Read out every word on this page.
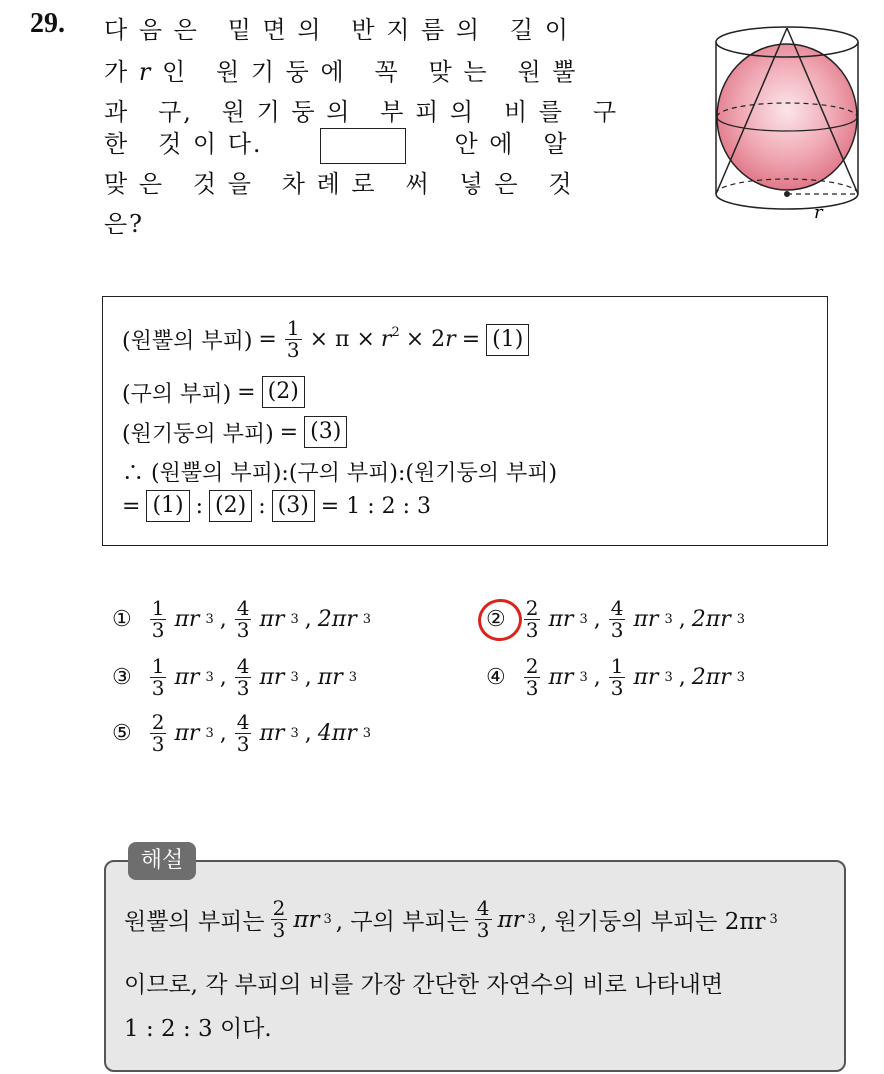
29. 다 음 은   밑 면 의   반 지 름 의   길 이
가 r 인   원 기 둥 에   꼭   맞 는   원 뿔
과   구,   원 기 둥 의   부 피 의   비 를   구
한   것 이 다.	안 에   알
맞 은   것 을   차 례 로   써   넣 은   것
은?	r
(원뿔의 부피) = $\frac{1}{3} \times \pi \times r^2 \times 2$ r = (1)
(구의 부피) = (2)
(원기둥의 부피) = (3)
∴ (원뿔의 부피):(구의 부피):(원기둥의 부피)
= (1) : (2) : (3) = 1 : 2 : 3
① $\frac{1}{3}$ πr 3 , $\frac{4}{3}$ πr 3 , 2πr 3	② $\frac{2}{3}$ πr 3 , $\frac{4}{3}$ πr 3 , 2πr 3
③ $\frac{1}{3}$ πr 3 , $\frac{4}{3}$ πr 3 , πr 3	④ $\frac{2}{3}$ πr 3 , $\frac{1}{3}$ πr 3 , 2πr 3
⑤ $\frac{2}{3}$ πr 3 , $\frac{4}{3}$ πr 3 , 4πr 3
해설
원뿔의 부피는 $\frac{2}{3}$ πr 3 , 구의 부피는 $\frac{4}{3}$ πr 3 , 원기둥의 부피는 2πr 3
이므로, 각 부피의 비를 가장 간단한 자연수의 비로 나타내면
1 : 2 : 3 이다.
